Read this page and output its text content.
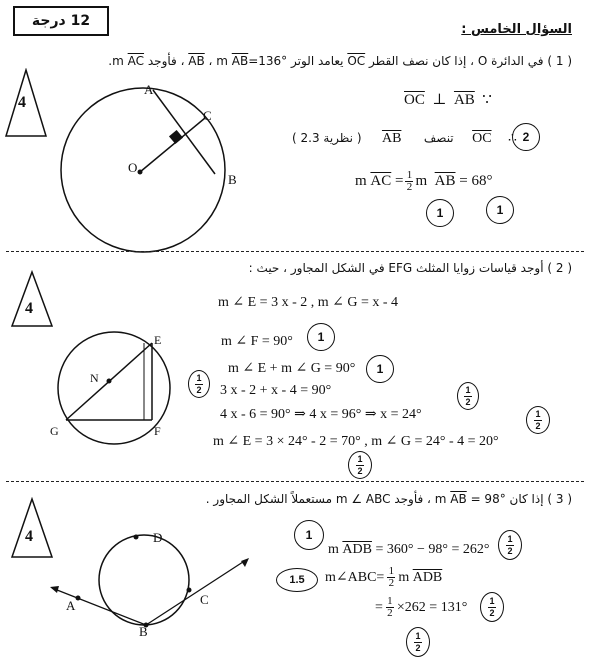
12 درجة
السؤال الخامس :
( 1 ) في الدائرة O ، إذا كان نصف القطر OC يعامد الوتر AB ، m AB=136° ، فأوجد m AC.
4
A
C
O
B
$\overline{OC}$ ⊥ $\overline{AB}$ ∵
2
( نظرية 2.3 ) $\overline{AB}$ تنصف $\overline{OC}$ ∴
m
$\overline{AC}$
= 1
2 m
$\overline{AB}$
= 68°
1	1
( 2 ) أوجد قياسات زوايا المثلث EFG في الشكل المجاور ، حيث :
m ∠ E = 3 x - 2 , m ∠ G = x - 4
4
E
N
G	F
m ∠ F = 90°	1
m ∠ E + m ∠ G = 90°	1
1
2 3 x - 2 + x - 4 = 90°	1
2
4 x - 6 = 90° ⇒ 4 x = 96° ⇒ x = 24°	1
2
m ∠ E = 3 × 24° - 2 = 70° , m ∠ G = 24° - 4 = 20°
1
2
( 3 ) إذا كان m AB = 98° ، فأوجد m ∠ ABC مستعملاً الشكل المجاور .
4	D
A
B
C
1
m $\overline{ADB} = 360^\circ - 98^\circ = 262^\circ$
1
2
1.5	m∠ABC= 1
2 m
$\overline{ADB}$
= 1
2 ×262 = 131° 1
2
1
2
